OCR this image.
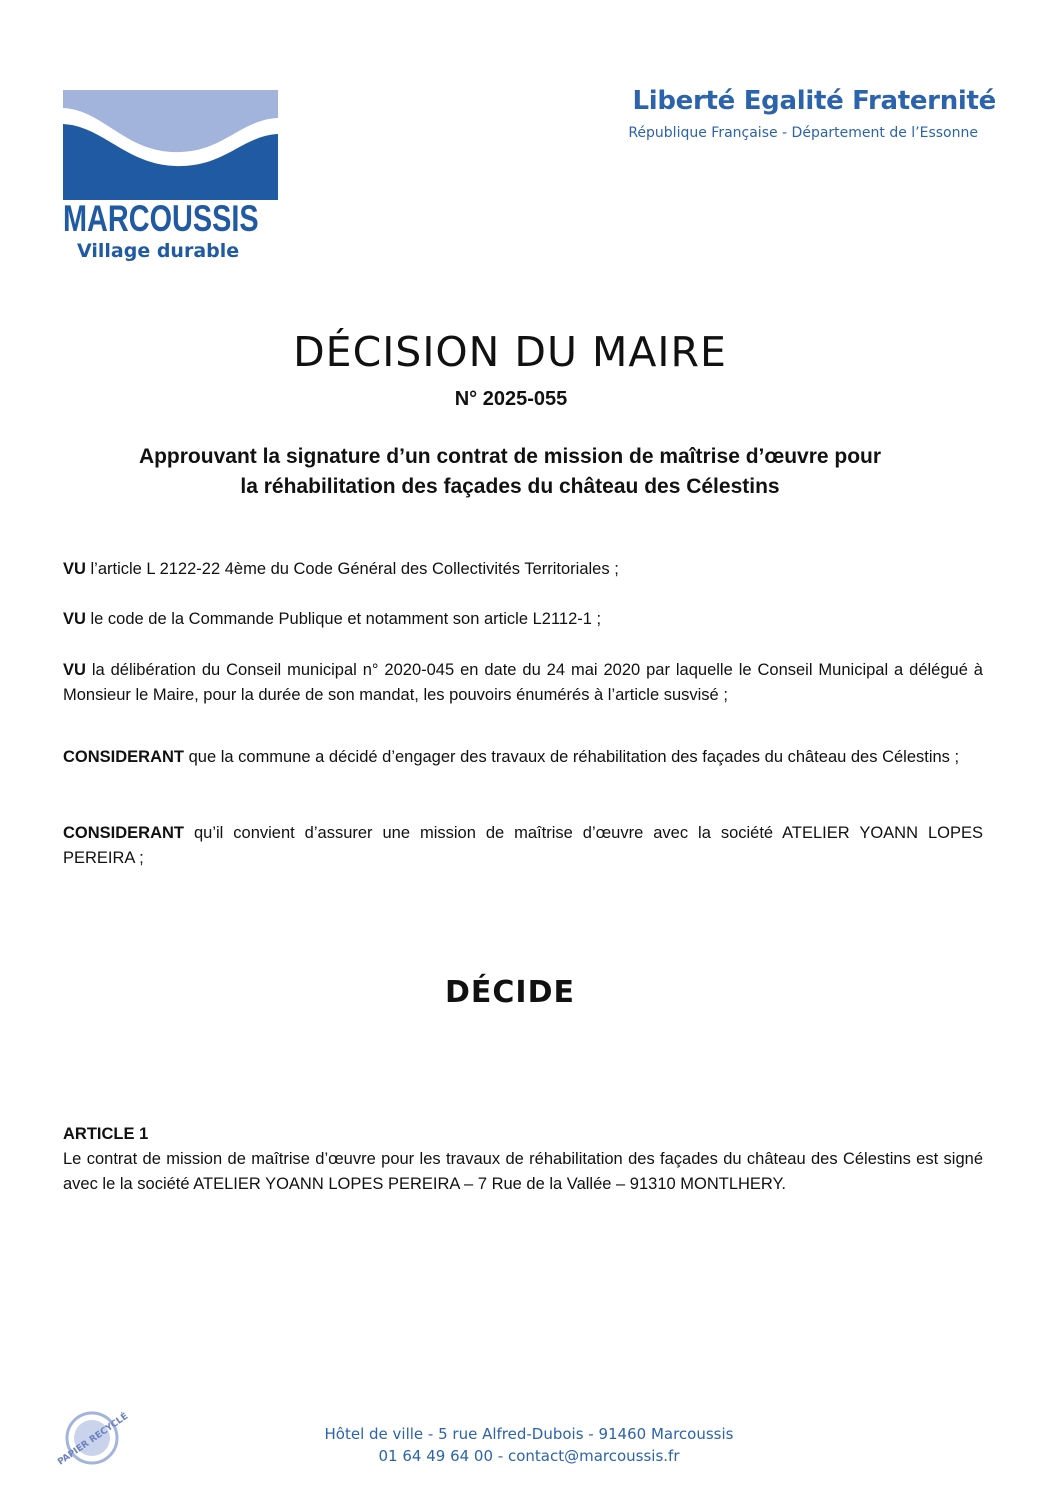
MARCOUSSIS
Village durable
Liberté Egalité Fraternité
République Française - Département de l’Essonne
DÉCISION DU MAIRE
N° 2025-055
Approuvant la signature d’un contrat de mission de maîtrise d’œuvre pour
la réhabilitation des façades du château des Célestins
VU l’article L 2122-22 4ème du Code Général des Collectivités Territoriales ;
VU le code de la Commande Publique et notamment son article L2112-1 ;
VU la délibération du Conseil municipal n° 2020-045 en date du 24 mai 2020 par laquelle le Conseil Municipal a délégué à Monsieur le Maire, pour la durée de son mandat, les pouvoirs énumérés à l’article susvisé ;
CONSIDERANT que la commune a décidé d’engager des travaux de réhabilitation des façades du château des Célestins ;
CONSIDERANT qu’il convient d’assurer une mission de maîtrise d’œuvre avec la société ATELIER YOANN LOPES PEREIRA ;
DÉCIDE
ARTICLE 1
Le contrat de mission de maîtrise d’œuvre pour les travaux de réhabilitation des façades du château des Célestins est signé avec le la société ATELIER YOANN LOPES PEREIRA – 7 Rue de la Vallée – 91310 MONTLHERY.
PAPIER RECYCLÉ	Hôtel de ville - 5 rue Alfred-Dubois - 91460 Marcoussis
01 64 49 64 00 - contact@marcoussis.fr
